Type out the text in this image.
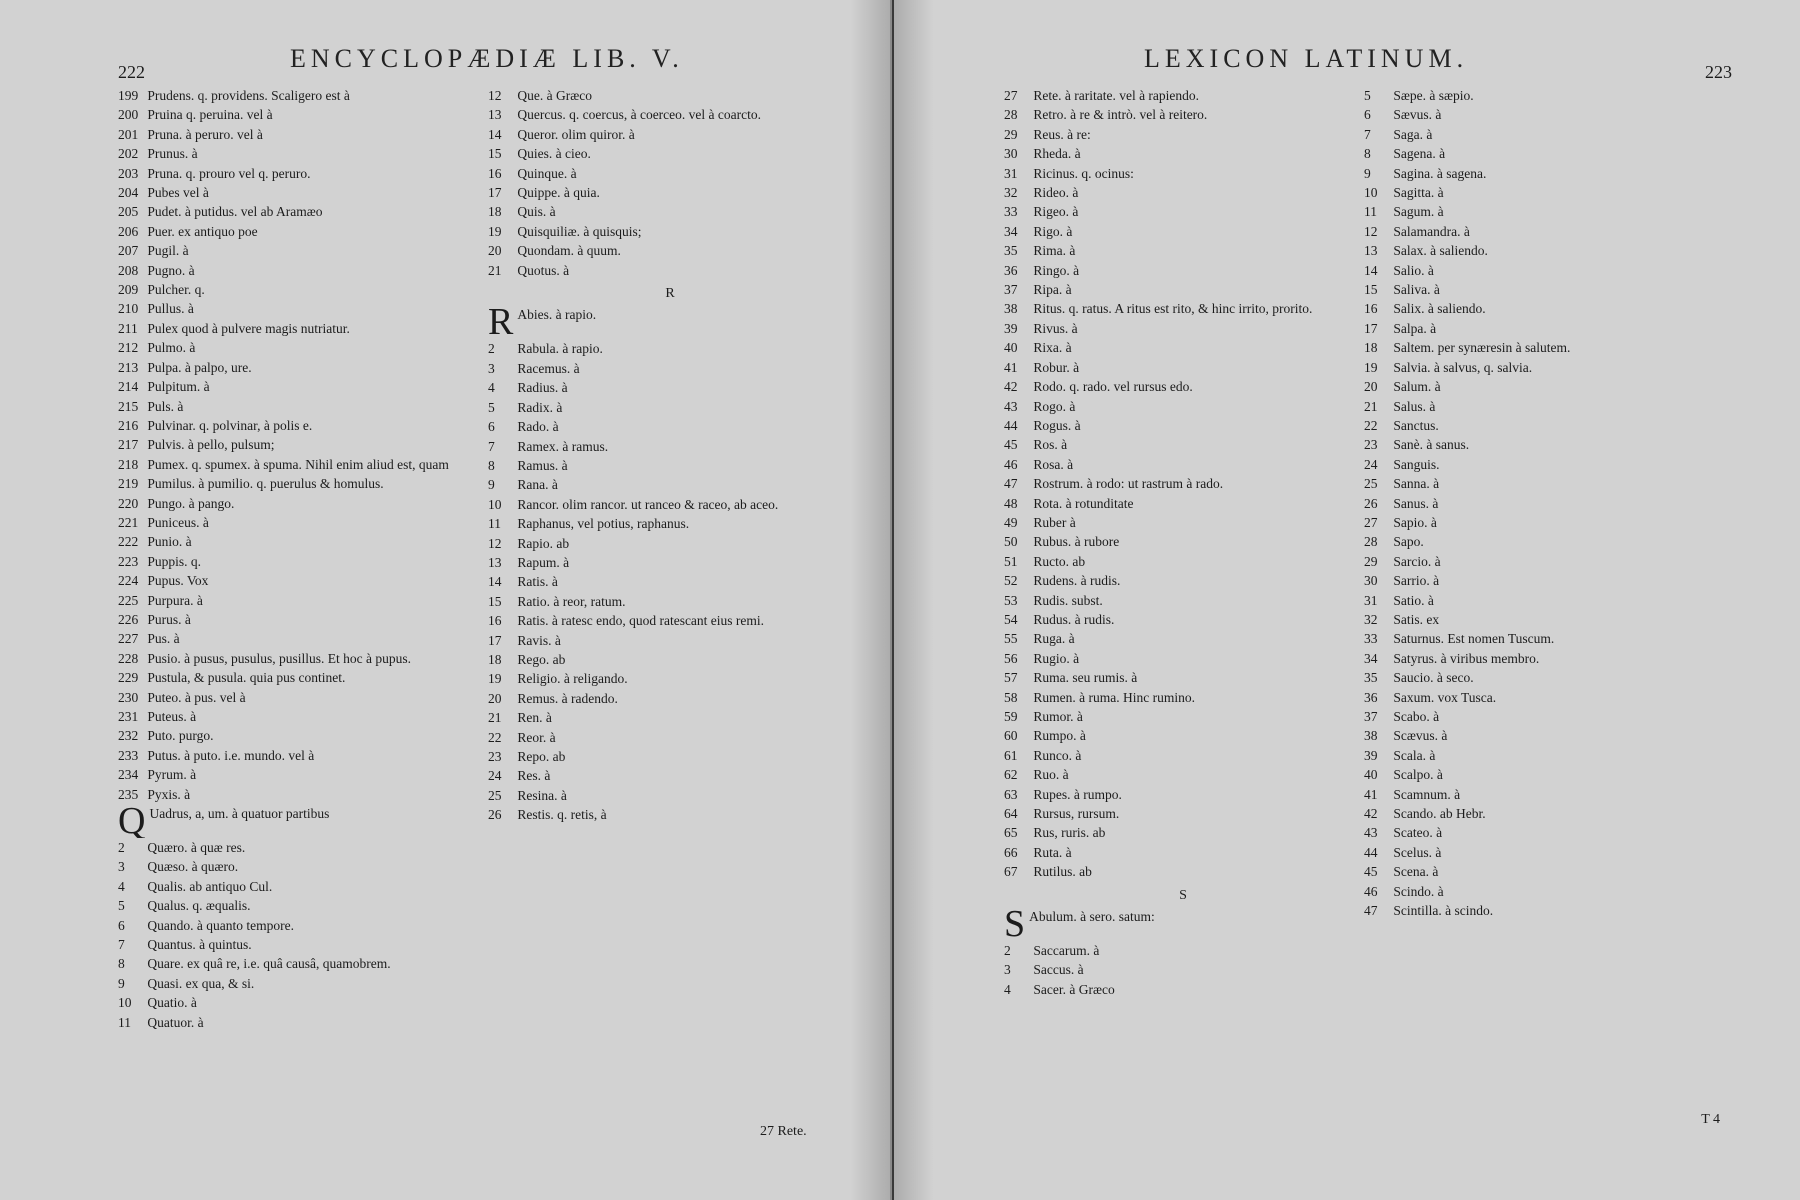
ENCYCLOPÆDIÆ LIB. V.
222
199 Prudens. q. providens. Scaligero est à
200 Pruina q. peruina. vel à
201 Pruna. à peruro. vel à
202 Prunus. à
203 Pruna. q. prouro vel q. peruro.
204 Pubes vel à
205 Pudet. à putidus. vel ab Aramæo
206 Puer. ex antiquo poe
207 Pugil. à
208 Pugno. à
209 Pulcher. q.
210 Pullus. à
211 Pulex quod à pulvere magis nutriatur.
212 Pulmo. à
213 Pulpa. à palpo, ure.
214 Pulpitum. à
215 Puls. à
216 Pulvinar. q. polvinar, à polis e.
217 Pulvis. à pello, pulsum;
218 Pumex. q. spumex. à spuma. Nihil enim aliud est, quam
219 Pumilus. à pumilio. q. puerulus & homulus.
220 Pungo. à pango.
221 Puniceus. à
222 Punio. à
223 Puppis. q.
224 Pupus. Vox
225 Purpura. à
226 Purus. à
227 Pus. à
228 Pusio. à pusus, pusulus, pusillus. Et hoc à pupus.
229 Pustula, & pusula. quia pus continet.
230 Puteo. à pus. vel à
231 Puteus. à
232 Puto. purgo.
233 Putus. à puto. i.e. mundo. vel à
234 Pyrum. à
235 Pyxis. à
Q Uadrus, a, um. à quatuor partibus
2 Quæro. à quæ res.
3 Quæso. à quæro.
4 Qualis. ab antiquo Cul.
5 Qualus. q. æqualis.
6 Quando. à quanto tempore.
7 Quantus. à quintus.
8 Quare. ex quâ re, i.e. quâ causâ, quamobrem.
9 Quasi. ex qua, & si.
10 Quatio. à
11 Quatuor. à
12 Que. à Græco
13 Quercus. q. coercus, à coerceo. vel à coarcto.
14 Queror. olim quiror. à
15 Quies. à cieo.
16 Quinque. à
17 Quippe. à quia.
18 Quis. à
19 Quisquiliæ. à quisquis;
20 Quondam. à quum.
21 Quotus. à
R
R Abies. à rapio.
2 Rabula. à rapio.
3 Racemus. à
4 Radius. à
5 Radix. à
6 Rado. à
7 Ramex. à ramus.
8 Ramus. à
9 Rana. à
10 Rancor. olim rancor. ut ranceo & raceo, ab aceo.
11 Raphanus, vel potius, raphanus.
12 Rapio. ab
13 Rapum. à
14 Ratis. à
15 Ratio. à reor, ratum.
16 Ratis. à ratesc endo, quod ratescant eius remi.
17 Ravis. à
18 Rego. ab
19 Religio. à religando.
20 Remus. à radendo.
21 Ren. à
22 Reor. à
23 Repo. ab
24 Res. à
25 Resina. à
26 Restis. q. retis, à
27 Rete.
LEXICON LATINUM.	223
27 Rete. à raritate. vel à rapiendo.
28 Retro. à re & intrò. vel à reitero.
29 Reus. à re:
30 Rheda. à
31 Ricinus. q. ocinus:
32 Rideo. à
33 Rigeo. à
34 Rigo. à
35 Rima. à
36 Ringo. à
37 Ripa. à
38 Ritus. q. ratus. A ritus est rito, & hinc irrito, prorito.
39 Rivus. à
40 Rixa. à
41 Robur. à
42 Rodo. q. rado. vel rursus edo.
43 Rogo. à
44 Rogus. à
45 Ros. à
46 Rosa. à
47 Rostrum. à rodo: ut rastrum à rado.
48 Rota. à rotunditate
49 Ruber à
50 Rubus. à rubore
51 Ructo. ab
52 Rudens. à rudis.
53 Rudis. subst.
54 Rudus. à rudis.
55 Ruga. à
56 Rugio. à
57 Ruma. seu rumis. à
58 Rumen. à ruma. Hinc rumino.
59 Rumor. à
60 Rumpo. à
61 Runco. à
62 Ruo. à
63 Rupes. à rumpo.
64 Rursus, rursum.
65 Rus, ruris. ab
66 Ruta. à
67 Rutilus. ab
S
S Abulum. à sero. satum:
2 Saccarum. à
3 Saccus. à
4 Sacer. à Græco
5 Sæpe. à sæpio.
6 Sævus. à
7 Saga. à
8 Sagena. à
9 Sagina. à sagena.
10 Sagitta. à
11 Sagum. à
12 Salamandra. à
13 Salax. à saliendo.
14 Salio. à
15 Saliva. à
16 Salix. à saliendo.
17 Salpa. à
18 Saltem. per synæresin à salutem.
19 Salvia. à salvus, q. salvia.
20 Salum. à
21 Salus. à
22 Sanctus.
23 Sanè. à sanus.
24 Sanguis.
25 Sanna. à
26 Sanus. à
27 Sapio. à
28 Sapo.
29 Sarcio. à
30 Sarrio. à
31 Satio. à
32 Satis. ex
33 Saturnus. Est nomen Tuscum.
34 Satyrus. à viribus membro.
35 Saucio. à seco.
36 Saxum. vox Tusca.
37 Scabo. à
38 Scævus. à
39 Scala. à
40 Scalpo. à
41 Scamnum. à
42 Scando. ab Hebr.
43 Scateo. à
44 Scelus. à
45 Scena. à
46 Scindo. à
47 Scintilla. à scindo.
T 4
